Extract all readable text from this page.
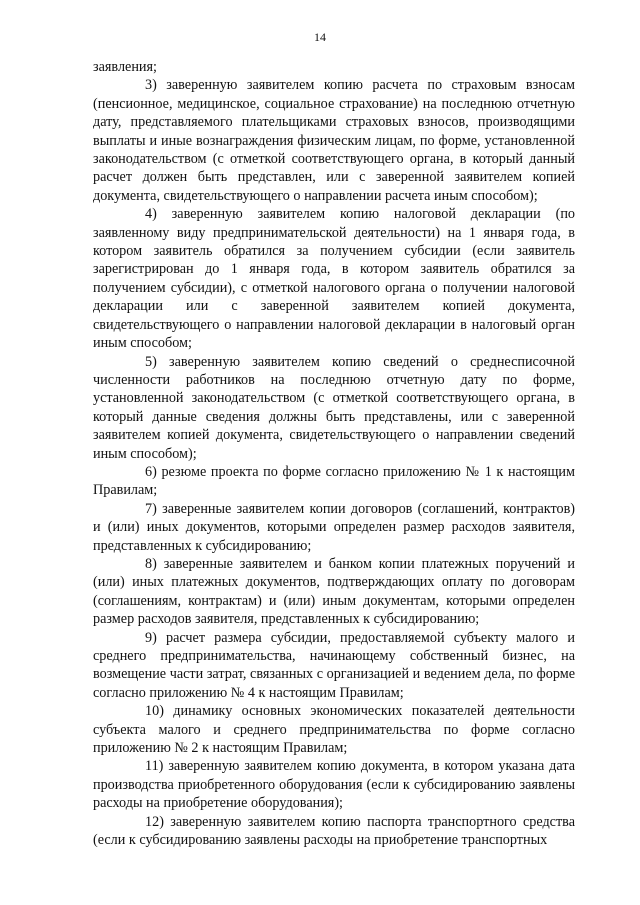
14

заявления;

3) заверенную заявителем копию расчета по страховым взносам (пенсионное, медицинское, социальное страхование) на последнюю отчетную дату, представляемого плательщиками страховых взносов, производящими выплаты и иные вознаграждения физическим лицам, по форме, установленной законодательством (с отметкой соответствующего органа, в который данный расчет должен быть представлен, или с заверенной заявителем копией документа, свидетельствующего о направлении расчета иным способом);

4) заверенную заявителем копию налоговой декларации (по заявленному виду предпринимательской деятельности) на 1 января года, в котором заявитель обратился за получением субсидии (если заявитель зарегистрирован до 1 января года, в котором заявитель обратился за получением субсидии), с отметкой налогового органа о получении налоговой декларации или с заверенной заявителем копией документа, свидетельствующего о направлении налоговой декларации в налоговый орган иным способом;

5) заверенную заявителем копию сведений о среднесписочной численности работников на последнюю отчетную дату по форме, установленной законодательством (с отметкой соответствующего органа, в который данные сведения должны быть представлены, или с заверенной заявителем копией документа, свидетельствующего о направлении сведений иным способом);

6) резюме проекта по форме согласно приложению № 1 к настоящим Правилам;

7) заверенные заявителем копии договоров (соглашений, контрактов) и (или) иных документов, которыми определен размер расходов заявителя, представленных к субсидированию;

8) заверенные заявителем и банком копии платежных поручений и (или) иных платежных документов, подтверждающих оплату по договорам (соглашениям, контрактам) и (или) иным документам, которыми определен размер расходов заявителя, представленных к субсидированию;

9) расчет размера субсидии, предоставляемой субъекту малого и среднего предпринимательства, начинающему собственный бизнес, на возмещение части затрат, связанных с организацией и ведением дела, по форме согласно приложению № 4 к настоящим Правилам;

10) динамику основных экономических показателей деятельности субъекта малого и среднего предпринимательства по форме согласно приложению № 2 к настоящим Правилам;

11) заверенную заявителем копию документа, в котором указана дата производства приобретенного оборудования (если к субсидированию заявлены расходы на приобретение оборудования);

12) заверенную заявителем копию паспорта транспортного средства (если к субсидированию заявлены расходы на приобретение транспортных
